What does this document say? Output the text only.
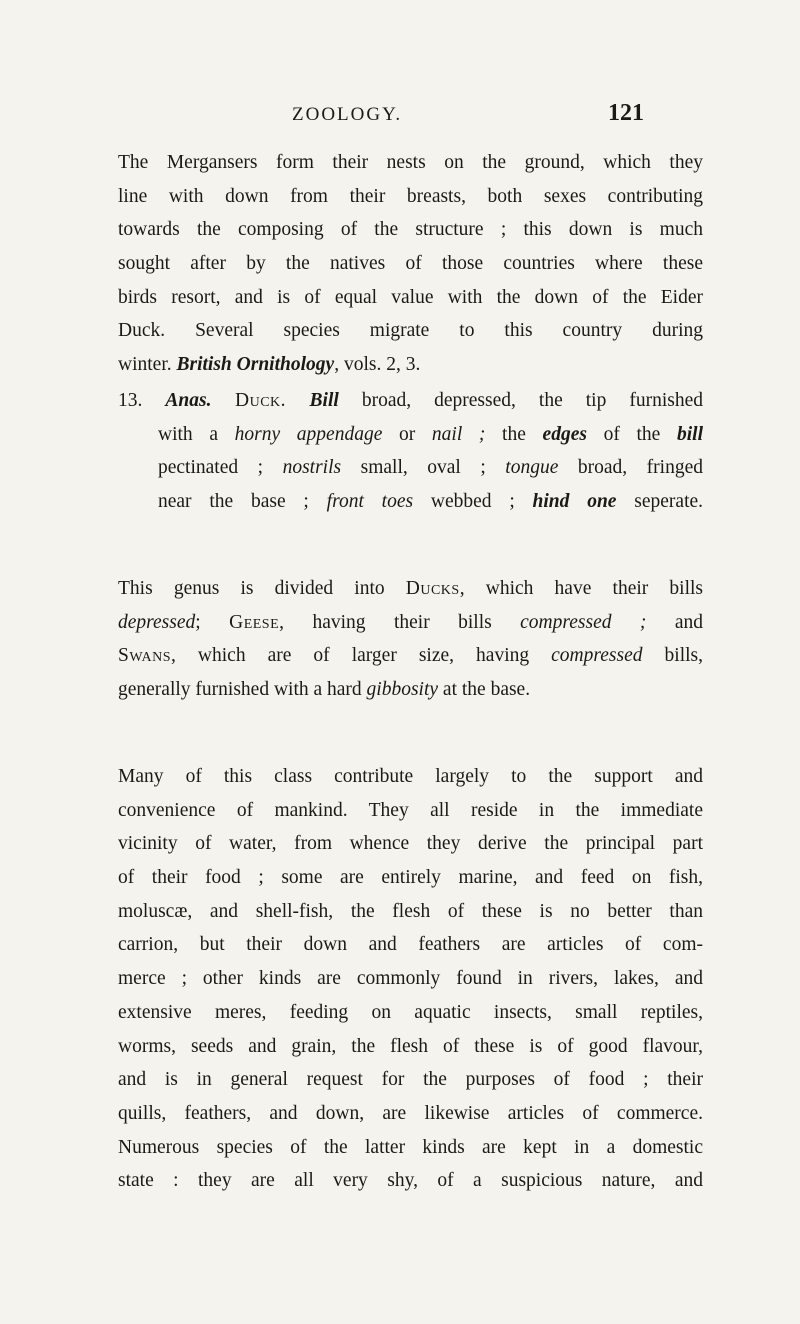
ZOOLOGY.	121
The Mergansers form their nests on the ground, which they
line with down from their breasts, both sexes contributing
towards the composing of the structure ; this down is much
sought after by the natives of those countries where these
birds resort, and is of equal value with the down of the Eider
Duck. Several species migrate to this country during
winter. British Ornithology, vols. 2, 3.
13. Anas. Duck. Bill broad, depressed, the tip furnished
with a horny appendage or nail ; the edges of the bill
pectinated ; nostrils small, oval ; tongue broad, fringed
near the base ; front toes webbed ; hind one seperate.
This genus is divided into Ducks, which have their bills
depressed; Geese, having their bills compressed ; and
Swans, which are of larger size, having compressed bills,
generally furnished with a hard gibbosity at the base.
Many of this class contribute largely to the support and
convenience of mankind. They all reside in the immediate
vicinity of water, from whence they derive the principal part
of their food ; some are entirely marine, and feed on fish,
moluscæ, and shell-fish, the flesh of these is no better than
carrion, but their down and feathers are articles of com-
merce ; other kinds are commonly found in rivers, lakes, and
extensive meres, feeding on aquatic insects, small reptiles,
worms, seeds and grain, the flesh of these is of good flavour,
and is in general request for the purposes of food ; their
quills, feathers, and down, are likewise articles of commerce.
Numerous species of the latter kinds are kept in a domestic
state : they are all very shy, of a suspicious nature, and
